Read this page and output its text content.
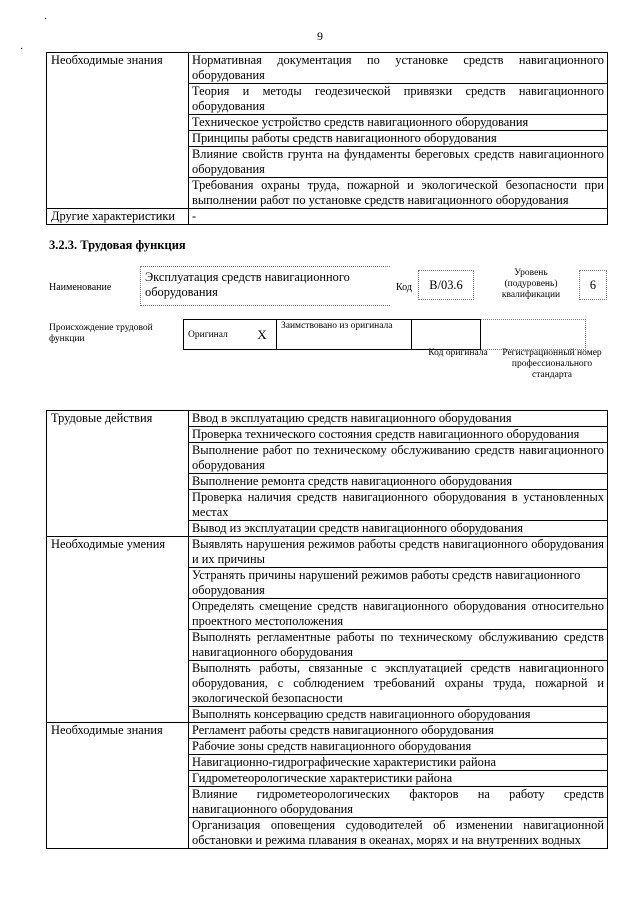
·
·
9
Необходимые знания	Нормативная документация по установке средств навигационного оборудования
	Теория и методы геодезической привязки средств навигационного оборудования
	Техническое устройство средств навигационного оборудования
	Принципы работы средств навигационного оборудования
	Влияние свойств грунта на фундаменты береговых средств навигационного оборудования
	Требования охраны труда, пожарной и экологической безопасности при выполнении работ по установке средств навигационного оборудования
Другие характеристики	-
3.2.3. Трудовая функция
Наименование
Эксплуатация средств навигационного оборудования	Код	B/03.6
Уровень (подуровень) квалификации
6
Происхождение трудовой функции	Оригинал	X	Заимствовано из оригинала		
Код оригинала	Регистрационный номер профессионального стандарта
Трудовые действия	Ввод в эксплуатацию средств навигационного оборудования
	Проверка технического состояния средств навигационного оборудования
	Выполнение работ по техническому обслуживанию средств навигационного оборудования
	Выполнение ремонта средств навигационного оборудования
	Проверка наличия средств навигационного оборудования в установленных местах
	Вывод из эксплуатации средств навигационного оборудования
Необходимые умения	Выявлять нарушения режимов работы средств навигационного оборудования и их причины
	Устранять причины нарушений режимов работы средств навигационного оборудования
	Определять смещение средств навигационного оборудования относительно проектного местоположения
	Выполнять регламентные работы по техническому обслуживанию средств навигационного оборудования
	Выполнять работы, связанные с эксплуатацией средств навигационного оборудования, с соблюдением требований охраны труда, пожарной и экологической безопасности
	Выполнять консервацию средств навигационного оборудования
Необходимые знания	Регламент работы средств навигационного оборудования
	Рабочие зоны средств навигационного оборудования
	Навигационно-гидрографические характеристики района
	Гидрометеорологические характеристики района
	Влияние гидрометеорологических факторов на работу средств навигационного оборудования
	Организация оповещения судоводителей об изменении навигационной обстановки и режима плавания в океанах, морях и на внутренних водных
